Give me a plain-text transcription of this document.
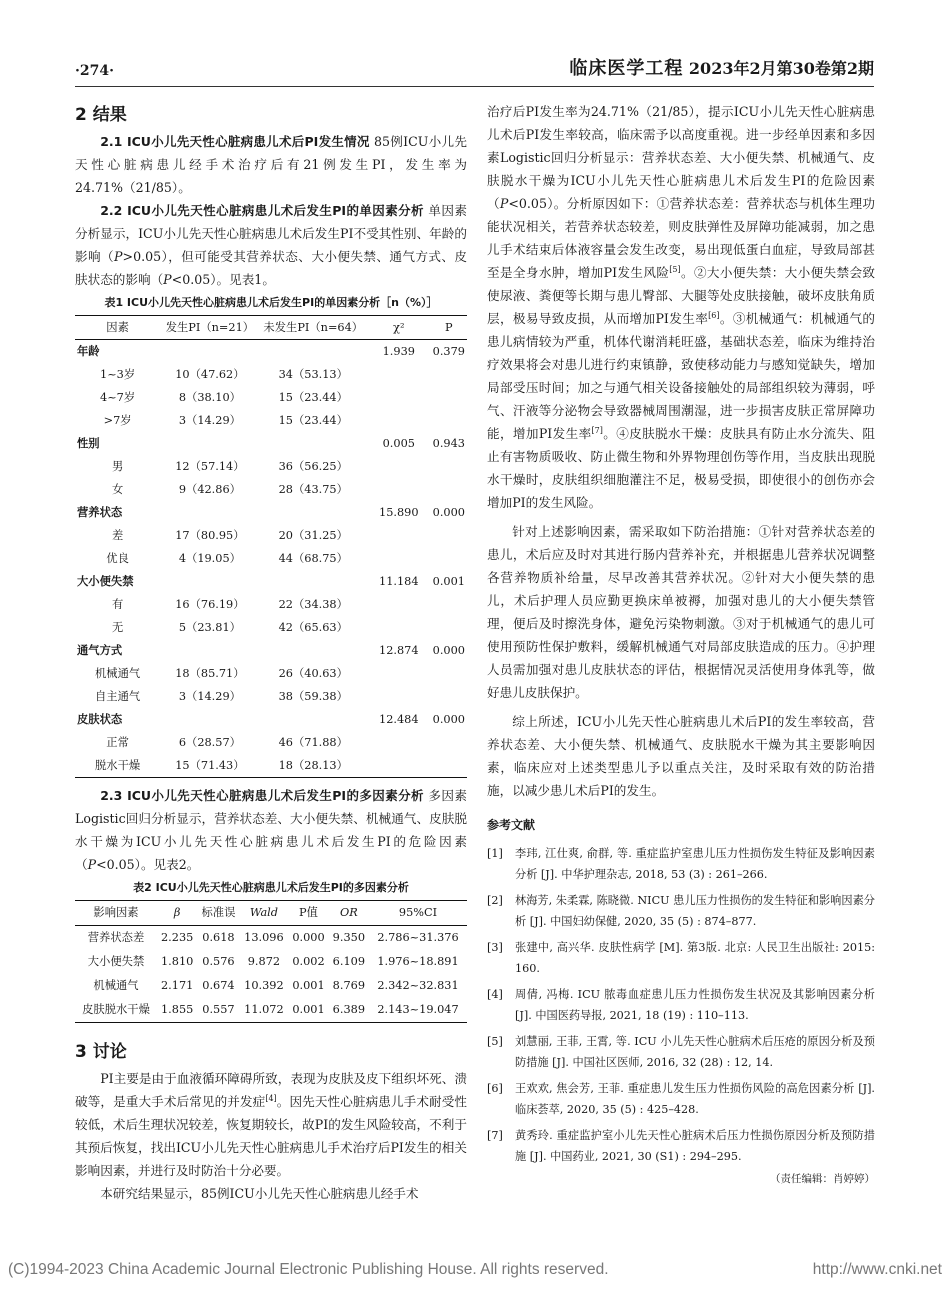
·274·	临床医学工程 2023年2月第30卷第2期
2 结果

2.1 ICU小儿先天性心脏病患儿术后PI发生情况 85例ICU小儿先天性心脏病患儿经手术治疗后有21例发生PI，发生率为24.71%（21/85）。

2.2 ICU小儿先天性心脏病患儿术后发生PI的单因素分析 单因素分析显示，ICU小儿先天性心脏病患儿术后发生PI不受其性别、年龄的影响（P>0.05），但可能受其营养状态、大小便失禁、通气方式、皮肤状态的影响（P<0.05）。见表1。

表1 ICU小儿先天性心脏病患儿术后发生PI的单因素分析［n（%）］
因素	发生PI（n=21）	未发生PI（n=64）	χ²	P
年龄			1.939	0.379
1~3岁	10（47.62）	34（53.13）		
4~7岁	8（38.10）	15（23.44）		
>7岁	3（14.29）	15（23.44）		
性别			0.005	0.943
男	12（57.14）	36（56.25）		
女	9（42.86）	28（43.75）		
营养状态			15.890	0.000
差	17（80.95）	20（31.25）		
优良	4（19.05）	44（68.75）		
大小便失禁			11.184	0.001
有	16（76.19）	22（34.38）		
无	5（23.81）	42（65.63）		
通气方式			12.874	0.000
机械通气	18（85.71）	26（40.63）		
自主通气	3（14.29）	38（59.38）		
皮肤状态			12.484	0.000
正常	6（28.57）	46（71.88）		
脱水干燥	15（71.43）	18（28.13）		

2.3 ICU小儿先天性心脏病患儿术后发生PI的多因素分析 多因素Logistic回归分析显示，营养状态差、大小便失禁、机械通气、皮肤脱水干燥为ICU小儿先天性心脏病患儿术后发生PI的危险因素（P<0.05）。见表2。

表2 ICU小儿先天性心脏病患儿术后发生PI的多因素分析
影响因素	β	标准误	Wald	P值	OR	95%CI
营养状态差	2.235	0.618	13.096	0.000	9.350	2.786~31.376
大小便失禁	1.810	0.576	9.872	0.002	6.109	1.976~18.891
机械通气	2.171	0.674	10.392	0.001	8.769	2.342~32.831
皮肤脱水干燥	1.855	0.557	11.072	0.001	6.389	2.143~19.047
3 讨论

PI主要是由于血液循环障碍所致，表现为皮肤及皮下组织坏死、溃破等，是重大手术后常见的并发症[4]。因先天性心脏病患儿手术耐受性较低，术后生理状况较差，恢复期较长，故PI的发生风险较高，不利于其预后恢复，找出ICU小儿先天性心脏病患儿手术治疗后PI发生的相关影响因素，并进行及时防治十分必要。

本研究结果显示，85例ICU小儿先天性心脏病患儿经手术

治疗后PI发生率为24.71%（21/85），提示ICU小儿先天性心脏病患儿术后PI发生率较高，临床需予以高度重视。进一步经单因素和多因素Logistic回归分析显示：营养状态差、大小便失禁、机械通气、皮肤脱水干燥为ICU小儿先天性心脏病患儿术后发生PI的危险因素（P<0.05）。分析原因如下：①营养状态差：营养状态与机体生理功能状况相关，若营养状态较差，则皮肤弹性及屏障功能减弱，加之患儿手术结束后体液容量会发生改变，易出现低蛋白血症，导致局部甚至是全身水肿，增加PI发生风险[5]。②大小便失禁：大小便失禁会致使尿液、粪便等长期与患儿臀部、大腿等处皮肤接触，破坏皮肤角质层，极易导致皮损，从而增加PI发生率[6]。③机械通气：机械通气的患儿病情较为严重，机体代谢消耗旺盛，基础状态差，临床为维持治疗效果将会对患儿进行约束镇静，致使移动能力与感知觉缺失，增加局部受压时间；加之与通气相关设备接触处的局部组织较为薄弱，呼气、汗液等分泌物会导致器械周围潮湿，进一步损害皮肤正常屏障功能，增加PI发生率[7]。④皮肤脱水干燥：皮肤具有防止水分流失、阻止有害物质吸收、防止微生物和外界物理创伤等作用，当皮肤出现脱水干燥时，皮肤组织细胞灌注不足，极易受损，即使很小的创伤亦会增加PI的发生风险。

针对上述影响因素，需采取如下防治措施：①针对营养状态差的患儿，术后应及时对其进行肠内营养补充，并根据患儿营养状况调整各营养物质补给量，尽早改善其营养状况。②针对大小便失禁的患儿，术后护理人员应勤更换床单被褥，加强对患儿的大小便失禁管理，便后及时擦洗身体，避免污染物刺激。③对于机械通气的患儿可使用预防性保护敷料，缓解机械通气对局部皮肤造成的压力。④护理人员需加强对患儿皮肤状态的评估，根据情况灵活使用身体乳等，做好患儿皮肤保护。

综上所述，ICU小儿先天性心脏病患儿术后PI的发生率较高，营养状态差、大小便失禁、机械通气、皮肤脱水干燥为其主要影响因素，临床应对上述类型患儿予以重点关注，及时采取有效的防治措施，以减少患儿术后PI的发生。

参考文献
[1]	李玮, 江仕爽, 俞群, 等. 重症监护室患儿压力性损伤发生特征及影响因素分析 [J]. 中华护理杂志, 2018, 53 (3) : 261–266.
[2]	林海芳, 朱柔霖, 陈晓微. NICU 患儿压力性损伤的发生特征和影响因素分析 [J]. 中国妇幼保健, 2020, 35 (5) : 874–877.
[3]	张建中, 高兴华. 皮肤性病学 [M]. 第3版. 北京: 人民卫生出版社: 2015: 160.
[4]	周倩, 冯梅. ICU 脓毒血症患儿压力性损伤发生状况及其影响因素分析 [J]. 中国医药导报, 2021, 18 (19) : 110–113.
[5]	刘慧丽, 王菲, 王霄, 等. ICU 小儿先天性心脏病术后压疮的原因分析及预防措施 [J]. 中国社区医师, 2016, 32 (28) : 12, 14.
[6]	王欢欢, 焦会芳, 王菲. 重症患儿发生压力性损伤风险的高危因素分析 [J]. 临床荟萃, 2020, 35 (5) : 425–428.
[7]	黄秀玲. 重症监护室小儿先天性心脏病术后压力性损伤原因分析及预防措施 [J]. 中国药业, 2021, 30 (S1) : 294–295.
（责任编辑：肖婷婷）
(C)1994-2023 China Academic Journal Electronic Publishing House. All rights reserved.	http://www.cnki.net
